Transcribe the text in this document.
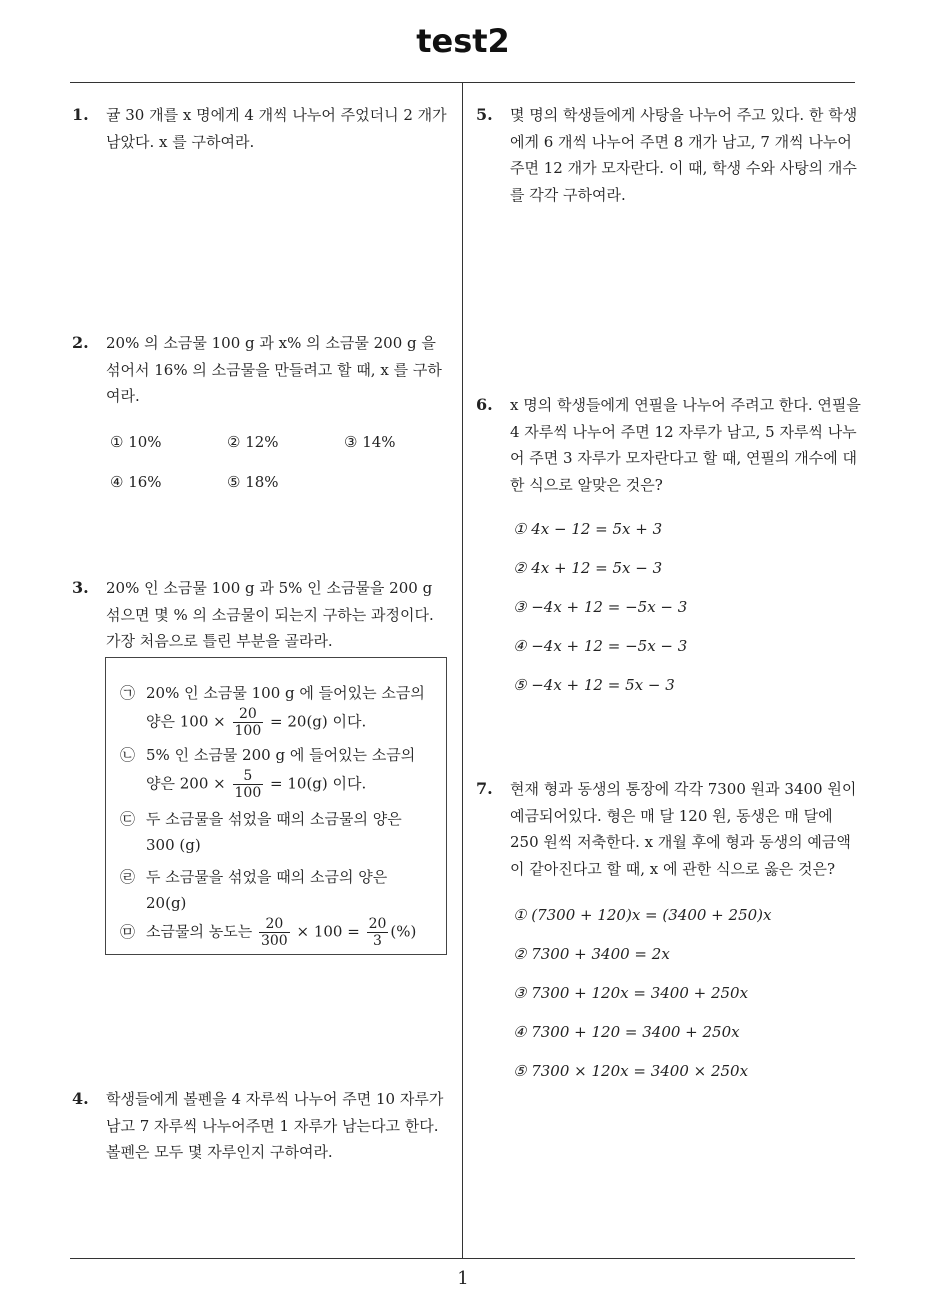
test2
1
1. 귤 30 개를 x 명에게 4 개씩 나누어 주었더니 2 개가 남았다. x 를 구하여라.
2. 20% 의 소금물 100 g 과 x% 의 소금물 200 g 을 섞어서 16% 의 소금물을 만들려고 할 때, x 를 구하여라.
① 10%	② 12%	③ 14%
④ 16%	⑤ 18%
3. 20% 인 소금물 100 g 과 5% 인 소금물을 200 g 섞으면 몇 % 의 소금물이 되는지 구하는 과정이다. 가장 처음으로 틀린 부분을 골라라.
㉠ 20% 인 소금물 100 g 에 들어있는 소금의
양은 $100 \times \frac{20}{100} = 20(g)$ 이다.
㉡ 5% 인 소금물 200 g 에 들어있는 소금의
양은 $200 \times \frac{5}{100} = 10(g)$ 이다.
㉢ 두 소금물을 섞었을 때의 소금물의 양은
300 (g)
㉣ 두 소금물을 섞었을 때의 소금의 양은
20(g)
㉤ 소금물의 농도는 $\frac{20}{300} \times 100 = \frac{20}{3}$ (%)
4. 학생들에게 볼펜을 4 자루씩 나누어 주면 10 자루가 남고 7 자루씩 나누어주면 1 자루가 남는다고 한다. 볼펜은 모두 몇 자루인지 구하여라.
5. 몇 명의 학생들에게 사탕을 나누어 주고 있다. 한 학생에게 6 개씩 나누어 주면 8 개가 남고, 7 개씩 나누어 주면 12 개가 모자란다. 이 때, 학생 수와 사탕의 개수를 각각 구하여라.
6. x 명의 학생들에게 연필을 나누어 주려고 한다. 연필을 4 자루씩 나누어 주면 12 자루가 남고, 5 자루씩 나누어 주면 3 자루가 모자란다고 할 때, 연필의 개수에 대한 식으로 알맞은 것은?
① 4x − 12 = 5x + 3
② 4x + 12 = 5x − 3
③ −4x + 12 = −5x − 3
④ −4x + 12 = −5x − 3
⑤ −4x + 12 = 5x − 3
7. 현재 형과 동생의 통장에 각각 7300 원과 3400 원이 예금되어있다. 형은 매 달 120 원, 동생은 매 달에 250 원씩 저축한다. x 개월 후에 형과 동생의 예금액이 같아진다고 할 때, x 에 관한 식으로 옳은 것은?
① (7300 + 120)x = (3400 + 250)x
② 7300 + 3400 = 2x
③ 7300 + 120x = 3400 + 250x
④ 7300 + 120 = 3400 + 250x
⑤ 7300 × 120x = 3400 × 250x
